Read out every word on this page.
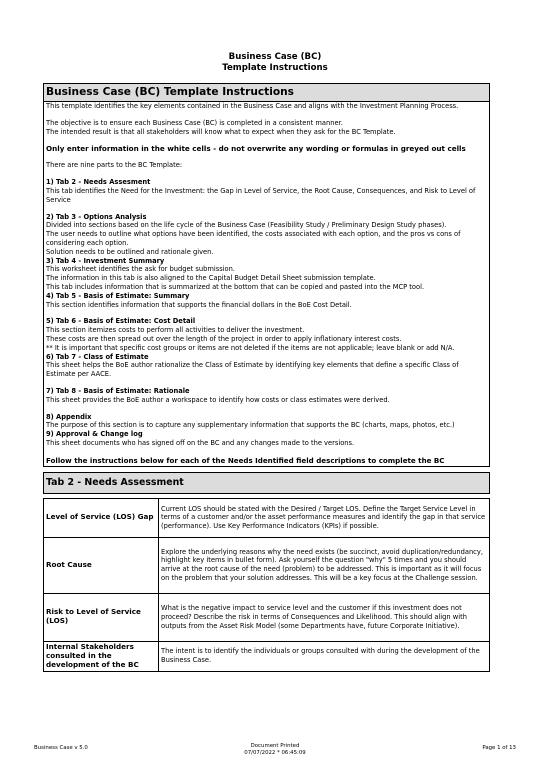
Business Case (BC)
Template Instructions
Business Case (BC) Template Instructions
This template identifies the key elements contained in the Business Case and aligns with the Investment Planning Process.
The objective is to ensure each Business Case (BC) is completed in a consistent manner.
The intended result is that all stakeholders will know what to expect when they ask for the BC Template.
Only enter information in the white cells - do not overwrite any wording or formulas in greyed out cells
There are nine parts to the BC Template:
1) Tab 2 - Needs Assesment
This tab identifies the Need for the Investment: the Gap in Level of Service, the Root Cause, Consequences, and Risk to Level of Service
2) Tab 3 - Options Analysis
Divided into sections based on the life cycle of the Business Case (Feasibility Study / Preliminary Design Study phases).
The user needs to outline what options have been identified, the costs associated with each option, and the pros vs cons of considering each option.
Solution needs to be outlined and rationale given.
3) Tab 4 - Investment Summary
This worksheet identifies the ask for budget submission.
The information in this tab is also aligned to the Capital Budget Detail Sheet submission template.
This tab includes information that is summarized at the bottom that can be copied and pasted into the MCP tool.
4) Tab 5 - Basis of Estimate: Summary
This section identifies information that supports the financial dollars in the BoE Cost Detail.
5) Tab 6 - Basis of Estimate: Cost Detail
This section itemizes costs to perform all activities to deliver the investment.
These costs are then spread out over the length of the project in order to apply inflationary interest costs.
** It is important that specific cost groups or items are not deleted if the items are not applicable; leave blank or add N/A.
6) Tab 7 - Class of Estimate
This sheet helps the BoE author rationalize the Class of Estimate by identifying key elements that define a specific Class of Estimate per AACE.
7) Tab 8 - Basis of Estimate: Rationale
This sheet provides the BoE author a workspace to identify how costs or class estimates were derived.
8) Appendix
The purpose of this section is to capture any supplementary information that supports the BC (charts, maps, photos, etc.)
9) Approval & Change log
This sheet documents who has signed off on the BC and any changes made to the versions.
Follow the instructions below for each of the Needs Identified field descriptions to complete the BC
Tab 2 - Needs Assessment
Level of Service (LOS) Gap	Current LOS should be stated with the Desired / Target LOS. Define the Target Service Level in terms of a customer and/or the asset performance measures and identify the gap in that service (performance). Use Key Performance Indicators (KPIs) if possible.
Root Cause	Explore the underlying reasons why the need exists (be succinct, avoid duplication/redundancy, highlight key items in bullet form). Ask yourself the question "why" 5 times and you should arrive at the root cause of the need (problem) to be addressed. This is important as it will focus on the problem that your solution addresses. This will be a key focus at the Challenge session.
Risk to Level of Service (LOS)	What is the negative impact to service level and the customer if this investment does not proceed? Describe the risk in terms of Consequences and Likelihood. This should align with outputs from the Asset Risk Model (some Departments have, future Corporate Initiative).
Internal Stakeholders consulted in the development of the BC	The intent is to identify the individuals or groups consulted with during the development of the Business Case.
Business Case v 5.0	Document Printed
07/07/2022 * 06:45:09
Page 1 of 13
